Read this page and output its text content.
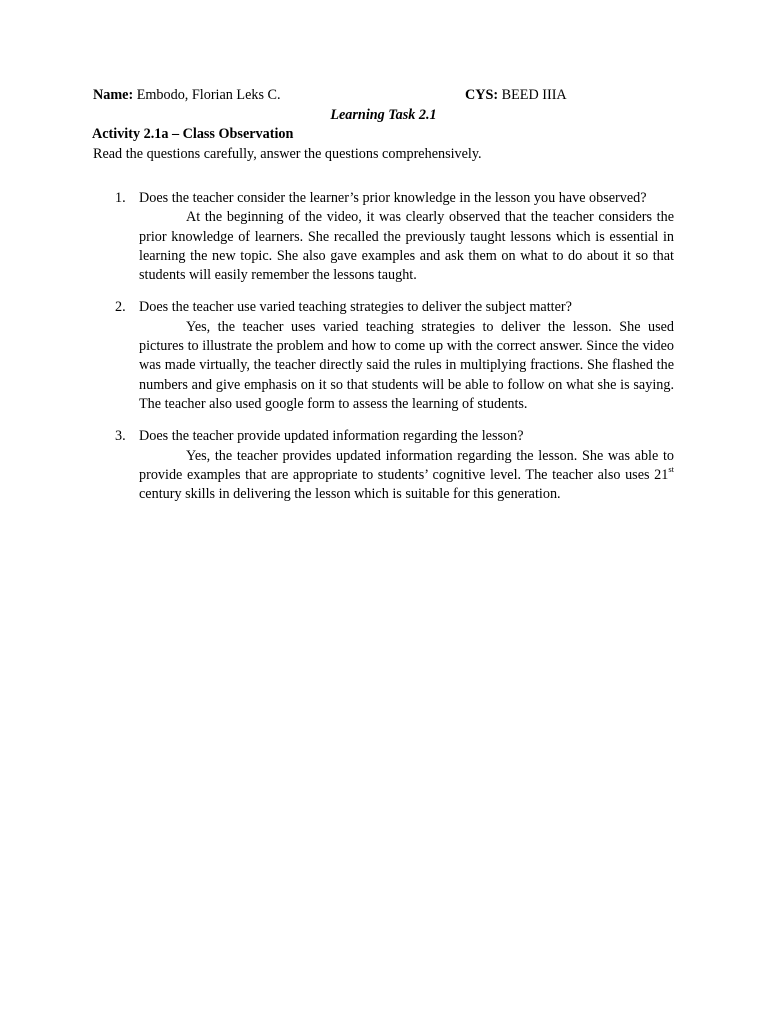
Name: Embodo, Florian Leks C.	CYS: BEED IIIA
Learning Task 2.1
Activity 2.1a – Class Observation
Read the questions carefully, answer the questions comprehensively.
1. Does the teacher consider the learner’s prior knowledge in the lesson you have observed?
At the beginning of the video, it was clearly observed that the teacher considers the prior knowledge of learners. She recalled the previously taught lessons which is essential in learning the new topic. She also gave examples and ask them on what to do about it so that students will easily remember the lessons taught.
2. Does the teacher use varied teaching strategies to deliver the subject matter?
Yes, the teacher uses varied teaching strategies to deliver the lesson. She used pictures to illustrate the problem and how to come up with the correct answer. Since the video was made virtually, the teacher directly said the rules in multiplying fractions. She flashed the numbers and give emphasis on it so that students will be able to follow on what she is saying. The teacher also used google form to assess the learning of students.
3. Does the teacher provide updated information regarding the lesson?
Yes, the teacher provides updated information regarding the lesson. She was able to provide examples that are appropriate to students’ cognitive level. The teacher also uses 21st century skills in delivering the lesson which is suitable for this generation.
